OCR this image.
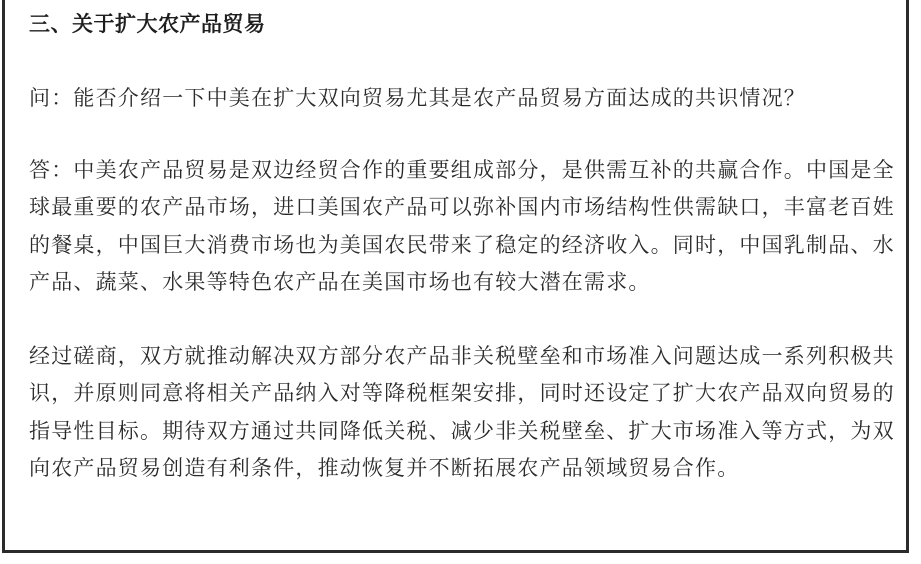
三、关于扩大农产品贸易

问：能否介绍一下中美在扩大双向贸易尤其是农产品贸易方面达成的共识情况？

答：中美农产品贸易是双边经贸合作的重要组成部分，是供需互补的共赢合作。中国是全球最重要的农产品市场，进口美国农产品可以弥补国内市场结构性供需缺口，丰富老百姓的餐桌，中国巨大消费市场也为美国农民带来了稳定的经济收入。同时，中国乳制品、水产品、蔬菜、水果等特色农产品在美国市场也有较大潜在需求。

经过磋商，双方就推动解决双方部分农产品非关税壁垒和市场准入问题达成一系列积极共识，并原则同意将相关产品纳入对等降税框架安排，同时还设定了扩大农产品双向贸易的指导性目标。期待双方通过共同降低关税、减少非关税壁垒、扩大市场准入等方式，为双向农产品贸易创造有利条件，推动恢复并不断拓展农产品领域贸易合作。
